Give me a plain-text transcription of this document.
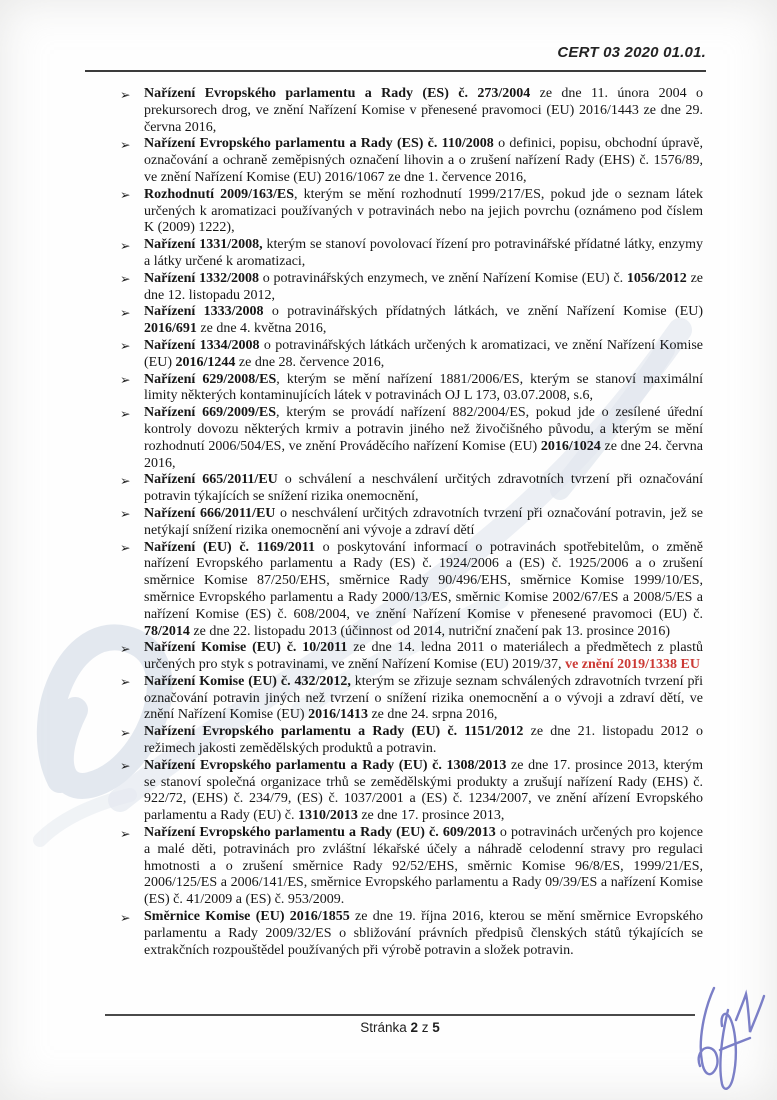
CERT 03 2020 01.01.
➢ Nařízení Evropského parlamentu a Rady (ES) č. 273/2004 ze dne 11. února 2004 o prekursorech drog, ve znění Nařízení Komise v přenesené pravomoci (EU) 2016/1443 ze dne 29. června 2016,
➢ Nařízení Evropského parlamentu a Rady (ES) č. 110/2008 o definici, popisu, obchodní úpravě, označování a ochraně zeměpisných označení lihovin a o zrušení nařízení Rady (EHS) č. 1576/89, ve znění Nařízení Komise (EU) 2016/1067 ze dne 1. července 2016,
➢ Rozhodnutí 2009/163/ES, kterým se mění rozhodnutí 1999/217/ES, pokud jde o seznam látek určených k aromatizaci používaných v potravinách nebo na jejich povrchu (oznámeno pod číslem K (2009) 1222),
➢ Nařízení 1331/2008, kterým se stanoví povolovací řízení pro potravinářské přídatné látky, enzymy a látky určené k aromatizaci,
➢ Nařízení 1332/2008 o potravinářských enzymech, ve znění Nařízení Komise (EU) č. 1056/2012 ze dne 12. listopadu 2012,
➢ Nařízení 1333/2008 o potravinářských přídatných látkách, ve znění Nařízení Komise (EU) 2016/691 ze dne 4. května 2016,
➢ Nařízení 1334/2008 o potravinářských látkách určených k aromatizaci, ve znění Nařízení Komise (EU) 2016/1244 ze dne 28. července 2016,
➢ Nařízení 629/2008/ES, kterým se mění nařízení 1881/2006/ES, kterým se stanoví maximální limity některých kontaminujících látek v potravinách OJ L 173, 03.07.2008, s.6,
➢ Nařízení 669/2009/ES, kterým se provádí nařízení 882/2004/ES, pokud jde o zesílené úřední kontroly dovozu některých krmiv a potravin jiného než živočišného původu, a kterým se mění rozhodnutí 2006/504/ES, ve znění Prováděcího nařízení Komise (EU) 2016/1024 ze dne 24. června 2016,
➢ Nařízení 665/2011/EU o schválení a neschválení určitých zdravotních tvrzení při označování potravin týkajících se snížení rizika onemocnění,
➢ Nařízení 666/2011/EU o neschválení určitých zdravotních tvrzení při označování potravin, jež se netýkají snížení rizika onemocnění ani vývoje a zdraví dětí
➢ Nařízení (EU) č. 1169/2011 o poskytování informací o potravinách spotřebitelům, o změně nařízení Evropského parlamentu a Rady (ES) č. 1924/2006 a (ES) č. 1925/2006 a o zrušení směrnice Komise 87/250/EHS, směrnice Rady 90/496/EHS, směrnice Komise 1999/10/ES, směrnice Evropského parlamentu a Rady 2000/13/ES, směrnic Komise 2002/67/ES a 2008/5/ES a nařízení Komise (ES) č. 608/2004, ve znění Nařízení Komise v přenesené pravomoci (EU) č. 78/2014 ze dne 22. listopadu 2013 (účinnost od 2014, nutriční značení pak 13. prosince 2016)
➢ Nařízení Komise (EU) č. 10/2011 ze dne 14. ledna 2011 o materiálech a předmětech z plastů určených pro styk s potravinami, ve znění Nařízení Komise (EU) 2019/37, ve znění 2019/1338 EU
➢ Nařízení Komise (EU) č. 432/2012, kterým se zřizuje seznam schválených zdravotních tvrzení při označování potravin jiných než tvrzení o snížení rizika onemocnění a o vývoji a zdraví dětí, ve znění Nařízení Komise (EU) 2016/1413 ze dne 24. srpna 2016,
➢ Nařízení Evropského parlamentu a Rady (EU) č. 1151/2012 ze dne 21. listopadu 2012 o režimech jakosti zemědělských produktů a potravin.
➢ Nařízení Evropského parlamentu a Rady (EU) č. 1308/2013 ze dne 17. prosince 2013, kterým se stanoví společná organizace trhů se zemědělskými produkty a zrušují nařízení Rady (EHS) č. 922/72, (EHS) č. 234/79, (ES) č. 1037/2001 a (ES) č. 1234/2007, ve znění ařízení Evropského parlamentu a Rady (EU) č. 1310/2013 ze dne 17. prosince 2013,
➢ Nařízení Evropského parlamentu a Rady (EU) č. 609/2013 o potravinách určených pro kojence a malé děti, potravinách pro zvláštní lékařské účely a náhradě celodenní stravy pro regulaci hmotnosti a o zrušení směrnice Rady 92/52/EHS, směrnic Komise 96/8/ES, 1999/21/ES, 2006/125/ES a 2006/141/ES, směrnice Evropského parlamentu a Rady 09/39/ES a nařízení Komise (ES) č. 41/2009 a (ES) č. 953/2009.
➢ Směrnice Komise (EU) 2016/1855 ze dne 19. října 2016, kterou se mění směrnice Evropského parlamentu a Rady 2009/32/ES o sbližování právních předpisů členských států týkajících se extrakčních rozpouštědel používaných při výrobě potravin a složek potravin.
Stránka 2 z 5
